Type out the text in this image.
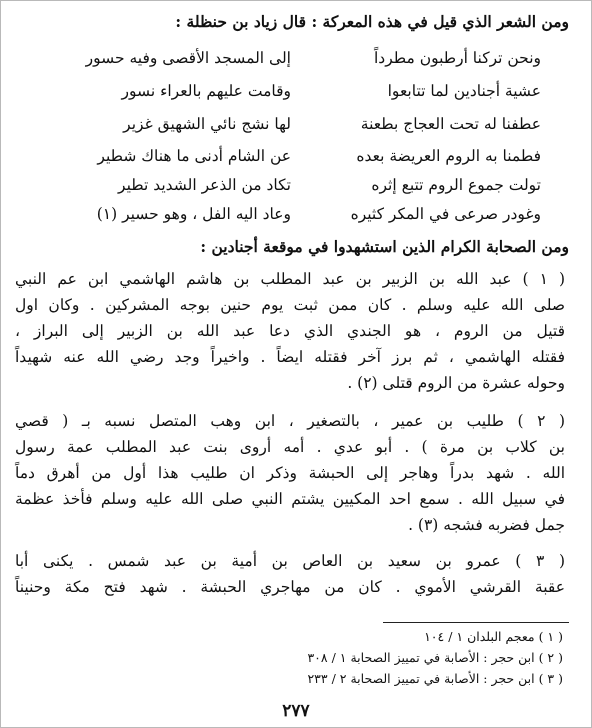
ومن الشعر الذي قيل في هذه المعركة : قال زياد بن حنظلة :
ونحن تركنا أرطبون مطرداً
إلى المسجد الأقصى وفيه حسور
عشية أجنادين لما تتابعوا
وقامت عليهم بالعراء نسور
عطفنا له تحت العجاج بطعنة
لها نشج نائي الشهيق غزير
فطمنا به الروم العريضة بعده
عن الشام أدنى ما هناك شطير
تولت جموع الروم تتبع إثره
تكاد من الذعر الشديد تطير
وغودر صرعى في المكر كثيره
وعاد اليه الفل ، وهو حسير (١)
ومن الصحابة الكرام الذين استشهدوا في موقعة أجنادين :
( ١ ) عبد الله بن الزبير بن عبد المطلب بن هاشم الهاشمي ابن عم النبي
صلى الله عليه وسلم . كان ممن ثبت يوم حنين بوجه المشركين . وكان اول
قتيل من الروم ، هو الجندي الذي دعا عبد الله بن الزبير إلى البراز ،
فقتله الهاشمي ، ثم برز آخر فقتله ايضاً . واخيراً وجد رضي الله عنه شهيداً
وحوله عشرة من الروم قتلى (٢) .
( ٢ ) طليب بن عمير ، بالتصغير ، ابن وهب المتصل نسبه بـ ( قصي
بن كلاب بن مرة ) . أبو عدي . أمه أروى بنت عبد المطلب عمة رسول
الله . شهد بدراً وهاجر إلى الحبشة وذكر ان طليب هذا أول من أهرق دماً
في سبيل الله . سمع احد المكيين يشتم النبي صلى الله عليه وسلم فأخذ عظمة
جمل فضربه فشجه (٣) .
( ٣ ) عمرو بن سعيد بن العاص بن أمية بن عبد شمس . يكنى أبا
عقبة القرشي الأموي . كان من مهاجري الحبشة . شهد فتح مكة وحنيناً
( ١ ) معجم البلدان ١ / ١٠٤
( ٢ ) ابن حجر : الأصابة في تمييز الصحابة ١ / ٣٠٨
( ٣ ) ابن حجر : الأصابة في تمييز الصحابة ٢ / ٢٣٣
٢٧٧
